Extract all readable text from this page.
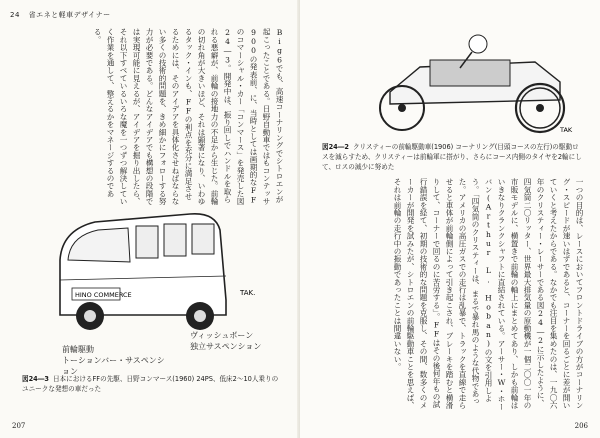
24 省エネと軽車デザイナー

Big6でも、高速コーナリングでシトロエンが起こったことである。日野自動車ではもコンテッサ900の発表前、に、当時としては画期的なFFのコマーシャル・カー「コンマース」を発売した図24―3。開発中は、振り回しでハンドルを取られる悪癖が、前輪の接地力の不足から生じた。前輪の切れ角が大きいほど、それは顕著になり、いわゆるタック・インも、FFの利点を充分に満足させるためには、そのアイデアを具体化させねばならない多くの技術的問題を、きめ細かにフォローする努力が必要である。どんなアイデアでも構想の段階では実現可能に見えるが、アイデアを掘り出したら、それ以下すべているいろな魔を一つずつ解決していく作業を通して、整えるかをマネージするのである。

HINO COMMERCE	TAK.
前輪駆動
トーションバー・サスペンション
ヴィッシュボーン
独立サスペンション
図24―3 日本におけるFFの先駆、日野コンマース(1960) 24PS、低床2〜10人乗りのユニークな発想の車だった
207
TAK
図24―2 クリスティーの前輪駆動車(1906) コーナリング(目頭コースの左行)の駆動ロスを減らすため、クリスティーは前輪軍に搭がり、さらにコース内側のタイヤを2輪にして、ロスの減少に努めた

一つの目的は、レースにおいてフロントドライブの方がコーナリング・スピードが速いはずであると、コーナーを回るごとに差が開いていくと考えたからである。なかでも注目を集めたのは、一九〇六年のクリスティー・レーサーである図24―2に示したように、四気筒二〇リッター、世界最大排気量の原動機が一個二〇〇一年の市販モデルに、横置きで前輪の軸上にまとめてあり、しかも前輪はいきなりクランクシャフトに直結されている。アーサー・W・ホーバン(Arthur L. Hoban)の文を引用しよう。「四気筒のクリスティーは、まるで暴れ馬のような代物であった。アメリカの高圧ガスでの走行は乱暴で、トラックを直線で走らせると車体が前輪側によって引き起こされ、ブレーキを踏むと横滑りして、コーナーで回るのに苦労する」。FFはその後何年もの試行錯誤を経て、初期の技術的な問題を克服し、その間、数多くのメーカーが開発を試みたが、シトロエンの前輪駆動車ことを思えば、それは前輪の走行中の振動であったことは間違いない。

206
